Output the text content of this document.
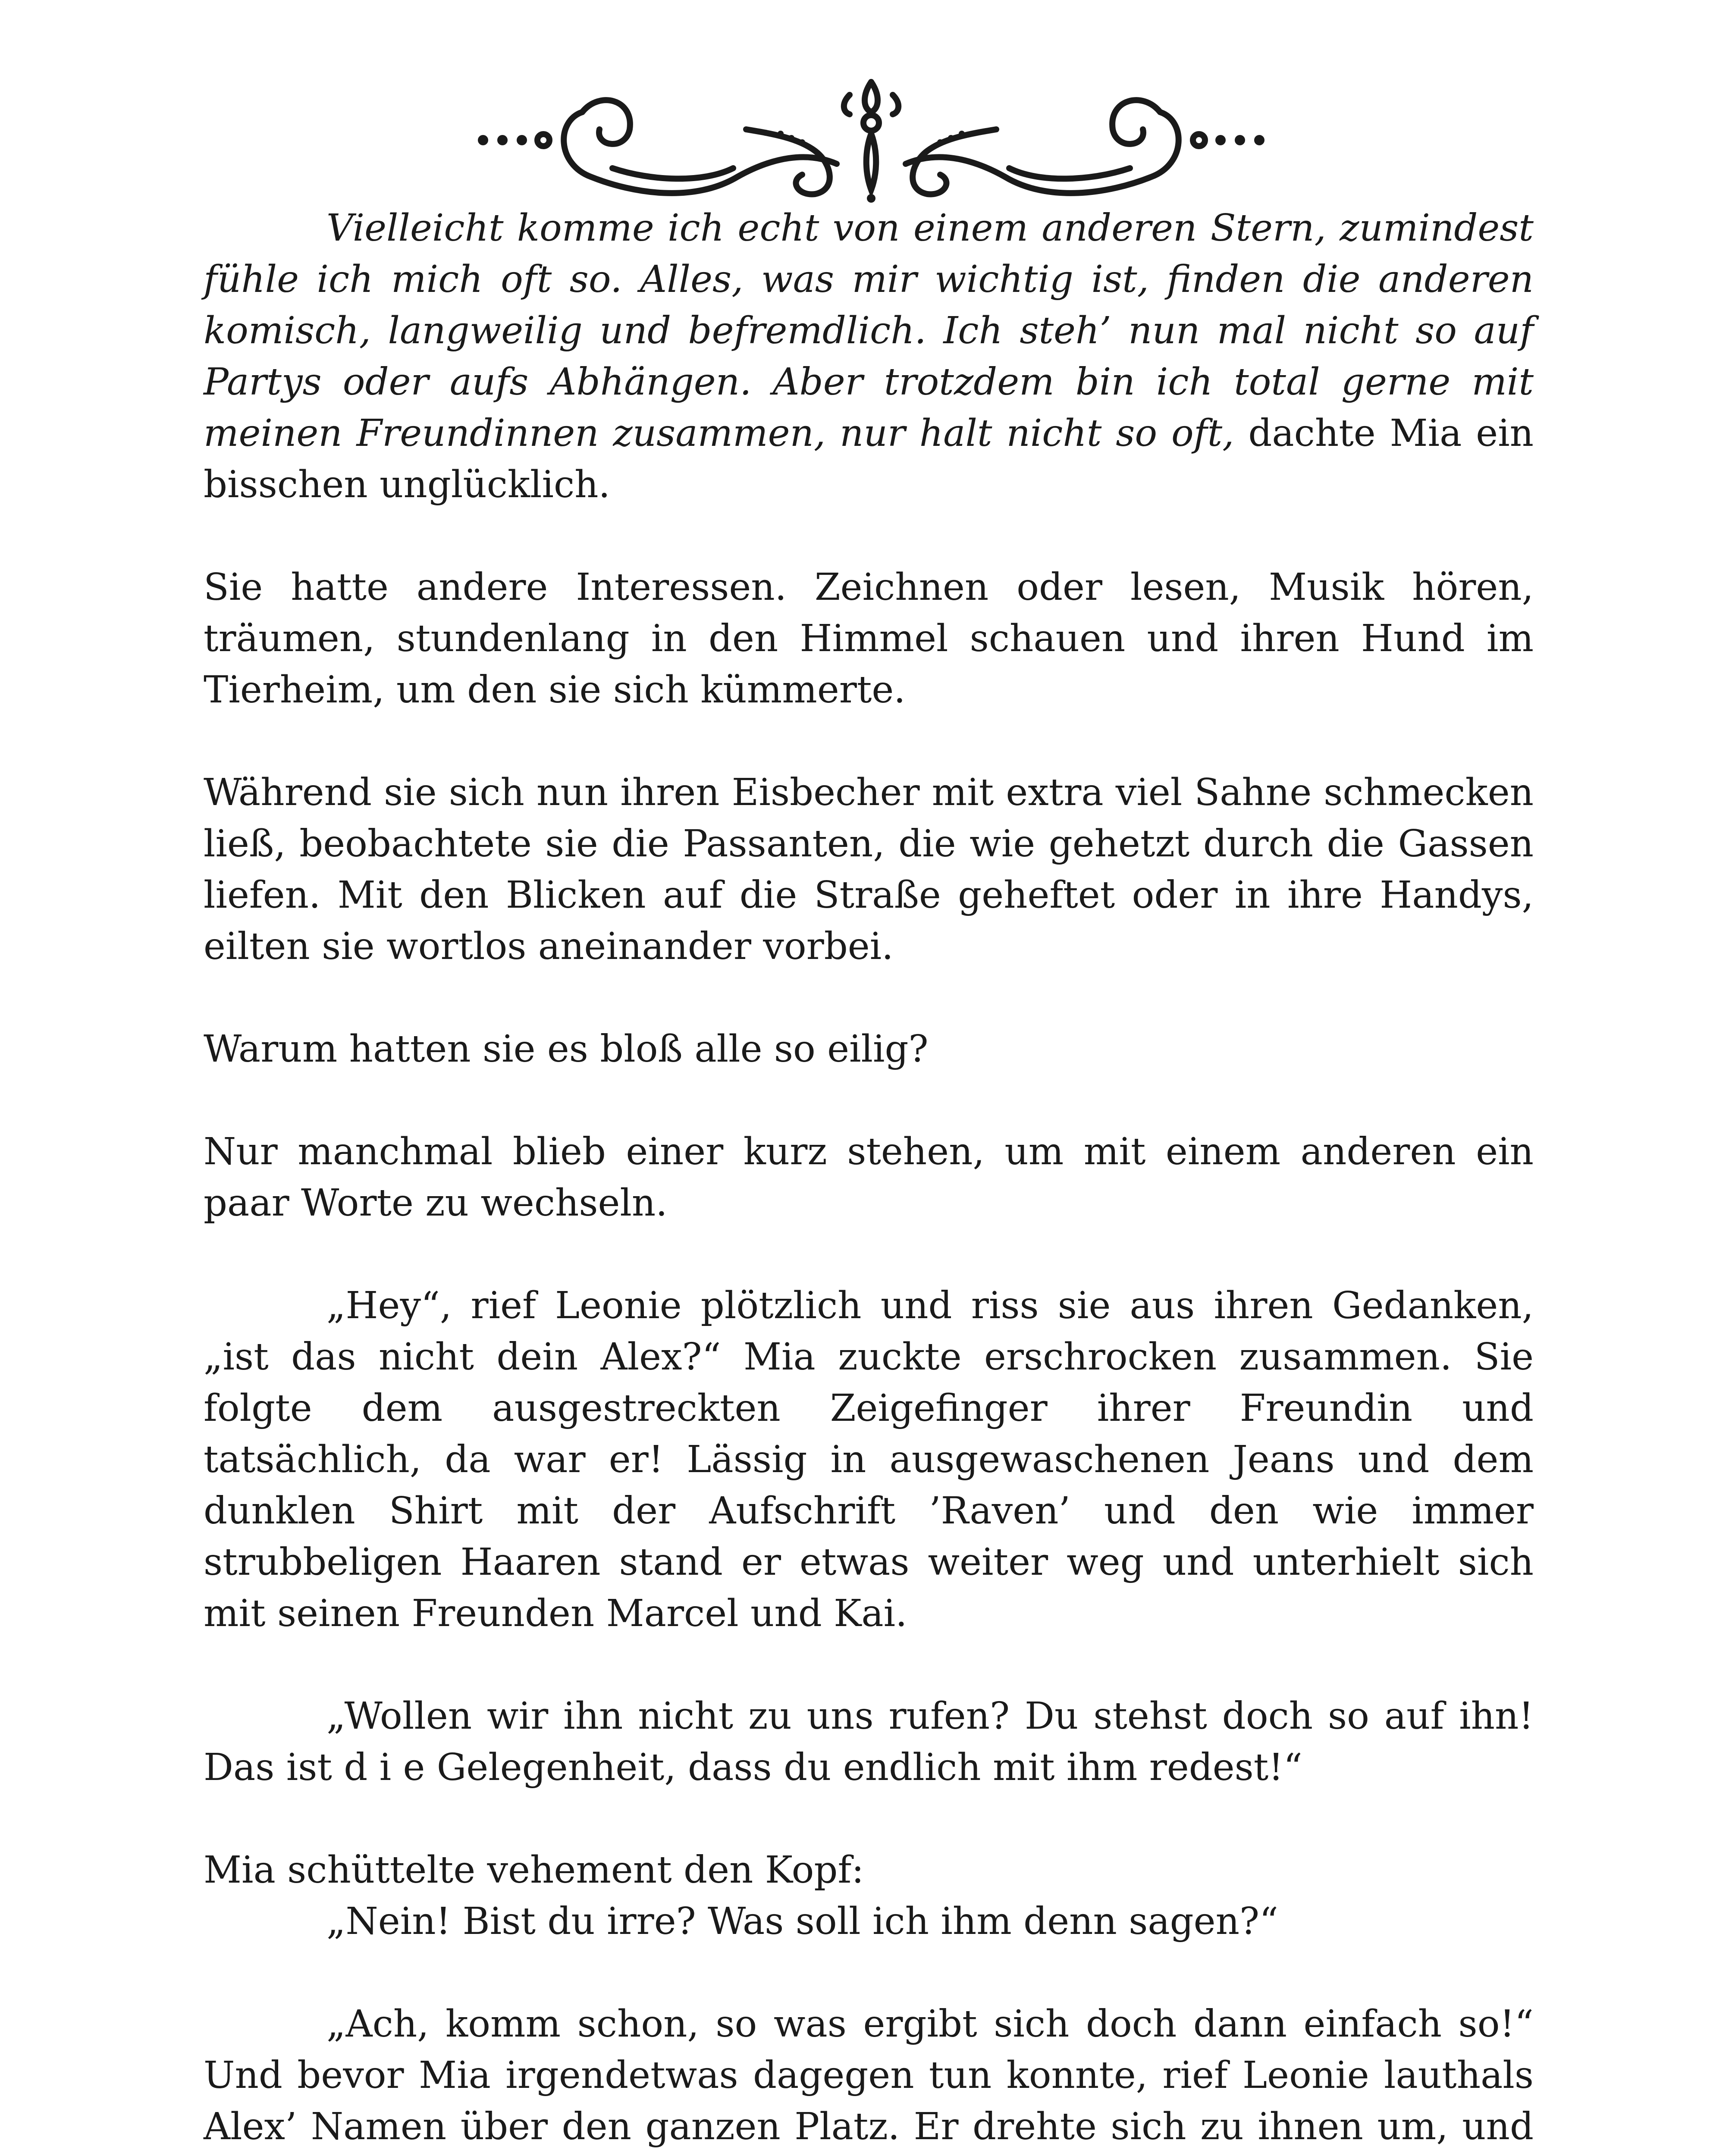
Vielleicht komme ich echt von einem anderen Stern, zumindest fühle ich mich oft so. Alles, was mir wichtig ist, finden die anderen komisch, langweilig und befremdlich. Ich steh’ nun mal nicht so auf Partys oder aufs Abhängen. Aber trotzdem bin ich total gerne mit meinen Freundinnen zusammen, nur halt nicht so oft, dachte Mia ein bisschen unglücklich.

Sie hatte andere Interessen. Zeichnen oder lesen, Musik hören, träumen, stundenlang in den Himmel schauen und ihren Hund im Tierheim, um den sie sich kümmerte.

Während sie sich nun ihren Eisbecher mit extra viel Sahne schmecken ließ, beobachtete sie die Passanten, die wie gehetzt durch die Gassen liefen. Mit den Blicken auf die Straße geheftet oder in ihre Handys, eilten sie wortlos aneinander vorbei.

Warum hatten sie es bloß alle so eilig?

Nur manchmal blieb einer kurz stehen, um mit einem anderen ein paar Worte zu wechseln.

„Hey“, rief Leonie plötzlich und riss sie aus ihren Gedanken, „ist das nicht dein Alex?“ Mia zuckte erschrocken zusammen. Sie folgte dem ausgestreckten Zeigefinger ihrer Freundin und tatsächlich, da war er! Lässig in ausgewaschenen Jeans und dem dunklen Shirt mit der Aufschrift ’Raven’ und den wie immer strubbeligen Haaren stand er etwas weiter weg und unterhielt sich mit seinen Freunden Marcel und Kai.

„Wollen wir ihn nicht zu uns rufen? Du stehst doch so auf ihn!

Das ist d i e Gelegenheit, dass du endlich mit ihm redest!“

Mia schüttelte vehement den Kopf:

„Nein! Bist du irre? Was soll ich ihm denn sagen?“

„Ach, komm schon, so was ergibt sich doch dann einfach so!“ Und bevor Mia irgendetwas dagegen tun konnte, rief Leonie lauthals Alex’ Namen über den ganzen Platz. Er drehte sich zu ihnen um, und
